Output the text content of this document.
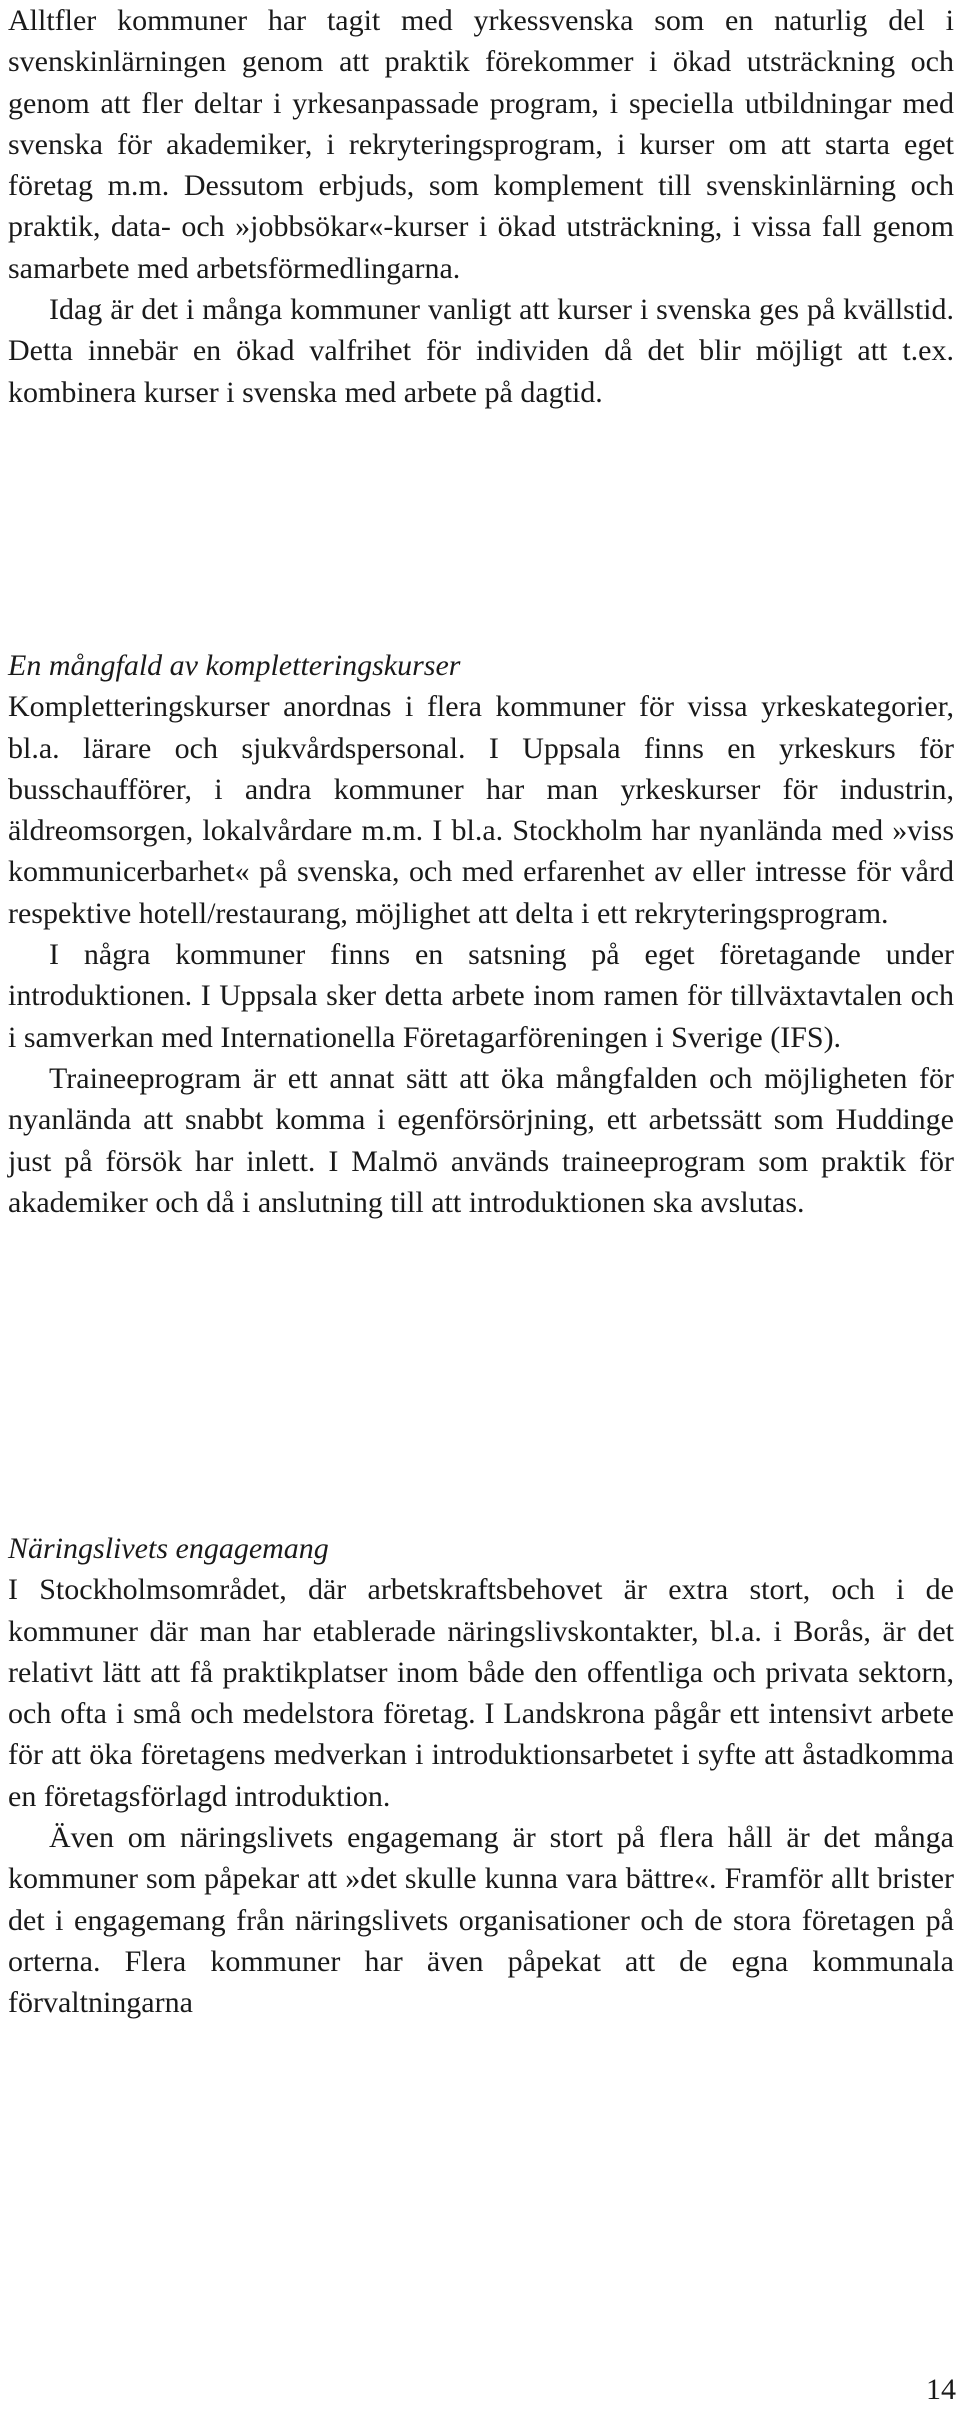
Alltfler kommuner har tagit med yrkessvenska som en naturlig del i svenskinlärningen genom att praktik förekommer i ökad utsträckning och genom att fler deltar i yrkesanpassade program, i speciella utbildningar med svenska för akademiker, i rekryteringsprogram, i kurser om att starta eget företag m.m. Dessutom erbjuds, som komplement till svenskinlärning och praktik, data- och »jobbsökar«-kurser i ökad utsträckning, i vissa fall genom samarbete med arbetsförmedlingarna.

Idag är det i många kommuner vanligt att kurser i svenska ges på kvällstid. Detta innebär en ökad valfrihet för individen då det blir möjligt att t.ex. kombinera kurser i svenska med arbete på dagtid.

En mångfald av kompletteringskurser

Kompletteringskurser anordnas i flera kommuner för vissa yrkeskategorier, bl.a. lärare och sjukvårdspersonal. I Uppsala finns en yrkeskurs för busschaufförer, i andra kommuner har man yrkeskurser för industrin, äldreomsorgen, lokalvårdare m.m. I bl.a. Stockholm har nyanlända med »viss kommunicerbarhet« på svenska, och med erfarenhet av eller intresse för vård respektive hotell/restaurang, möjlighet att delta i ett rekryteringsprogram.

I några kommuner finns en satsning på eget företagande under introduktionen. I Uppsala sker detta arbete inom ramen för tillväxtavtalen och i samverkan med Internationella Företagarföreningen i Sverige (IFS).

Traineeprogram är ett annat sätt att öka mångfalden och möjligheten för nyanlända att snabbt komma i egenförsörjning, ett arbetssätt som Huddinge just på försök har inlett. I Malmö används traineeprogram som praktik för akademiker och då i anslutning till att introduktionen ska avslutas.

Näringslivets engagemang

I Stockholmsområdet, där arbetskraftsbehovet är extra stort, och i de kommuner där man har etablerade näringslivskontakter, bl.a. i Borås, är det relativt lätt att få praktikplatser inom både den offentliga och privata sektorn, och ofta i små och medelstora företag. I Landskrona pågår ett intensivt arbete för att öka företagens medverkan i introduktionsarbetet i syfte att åstadkomma en företagsförlagd introduktion.

Även om näringslivets engagemang är stort på flera håll är det många kommuner som påpekar att »det skulle kunna vara bättre«. Framför allt brister det i engagemang från näringslivets organisationer och de stora företagen på orterna. Flera kommuner har även påpekat att de egna kommunala förvaltningarna

14
